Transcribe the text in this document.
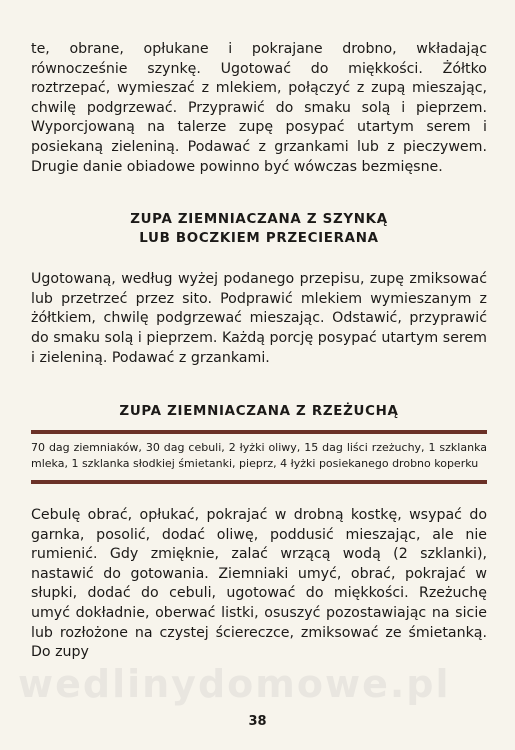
te, obrane, opłukane i pokrajane drobno, wkładając równocześnie szynkę. Ugotować do miękkości. Żółtko roztrzepać, wymieszać z mlekiem, połączyć z zupą mieszając, chwilę podgrzewać. Przyprawić do smaku solą i pieprzem. Wyporcjowaną na talerze zupę posypać utartym serem i posiekaną zieleniną. Podawać z grzankami lub z pieczywem. Drugie danie obiadowe powinno być wówczas bezmięsne.

ZUPA ZIEMNIACZANA Z SZYNKĄ
LUB BOCZKIEM PRZECIERANA

Ugotowaną, według wyżej podanego przepisu, zupę zmiksować lub przetrzeć przez sito. Podprawić mlekiem wymieszanym z żółtkiem, chwilę podgrzewać mieszając. Odstawić, przyprawić do smaku solą i pieprzem. Każdą porcję posypać utartym serem i zieleniną. Podawać z grzankami.

ZUPA ZIEMNIACZANA Z RZEŻUCHĄ

70 dag ziemniaków, 30 dag cebuli, 2 łyżki oliwy, 15 dag liści rzeżuchy, 1 szklanka mleka, 1 szklanka słodkiej śmietanki, pieprz, 4 łyżki posiekanego drobno koperku

Cebulę obrać, opłukać, pokrajać w drobną kostkę, wsypać do garnka, posolić, dodać oliwę, poddusić mieszając, ale nie rumienić. Gdy zmięknie, zalać wrzącą wodą (2 szklanki), nastawić do gotowania. Ziemniaki umyć, obrać, pokrajać w słupki, dodać do cebuli, ugotować do miękkości. Rzeżuchę umyć dokładnie, oberwać listki, osuszyć pozostawiając na sicie lub rozłożone na czystej ściereczce, zmiksować ze śmietanką. Do zupy

wedlinydomowe.pl
38
